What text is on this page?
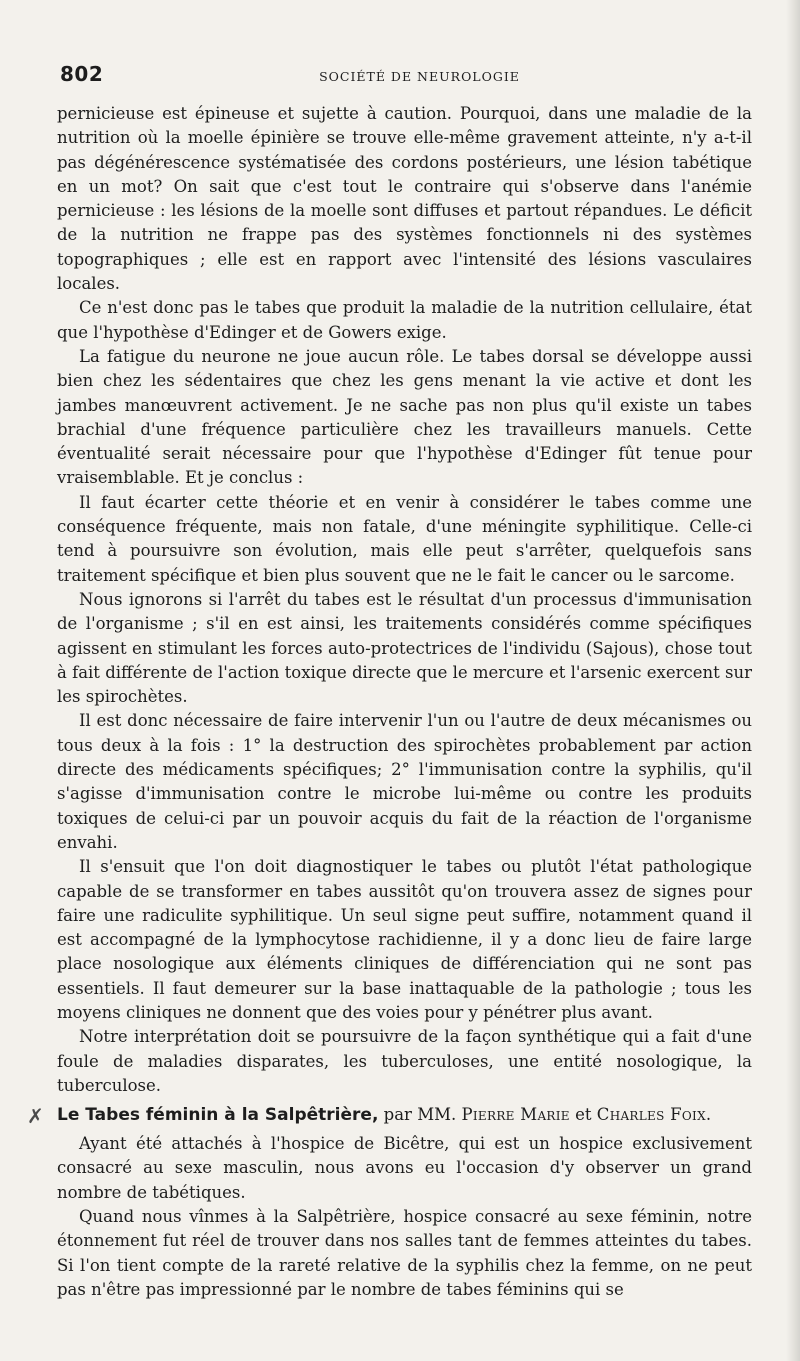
802	SOCIÉTÉ DE NEUROLOGIE

pernicieuse est épineuse et sujette à caution. Pourquoi, dans une maladie de la nutrition où la moelle épinière se trouve elle-même gravement atteinte, n'y a-t-il pas dégénérescence systématisée des cordons postérieurs, une lésion tabétique en un mot? On sait que c'est tout le contraire qui s'observe dans l'anémie pernicieuse : les lésions de la moelle sont diffuses et partout répandues. Le déficit de la nutrition ne frappe pas des systèmes fonctionnels ni des systèmes topographiques ; elle est en rapport avec l'intensité des lésions vasculaires locales.

Ce n'est donc pas le tabes que produit la maladie de la nutrition cellulaire, état que l'hypothèse d'Edinger et de Gowers exige.

La fatigue du neurone ne joue aucun rôle. Le tabes dorsal se développe aussi bien chez les sédentaires que chez les gens menant la vie active et dont les jambes manœuvrent activement. Je ne sache pas non plus qu'il existe un tabes brachial d'une fréquence particulière chez les travailleurs manuels. Cette éventualité serait nécessaire pour que l'hypothèse d'Edinger fût tenue pour vraisemblable. Et je conclus :

Il faut écarter cette théorie et en venir à considérer le tabes comme une conséquence fréquente, mais non fatale, d'une méningite syphilitique. Celle-ci tend à poursuivre son évolution, mais elle peut s'arrêter, quelquefois sans traitement spécifique et bien plus souvent que ne le fait le cancer ou le sarcome.

Nous ignorons si l'arrêt du tabes est le résultat d'un processus d'immunisation de l'organisme ; s'il en est ainsi, les traitements considérés comme spécifiques agissent en stimulant les forces auto-protectrices de l'individu (Sajous), chose tout à fait différente de l'action toxique directe que le mercure et l'arsenic exercent sur les spirochètes.

Il est donc nécessaire de faire intervenir l'un ou l'autre de deux mécanismes ou tous deux à la fois : 1° la destruction des spirochètes probablement par action directe des médicaments spécifiques; 2° l'immunisation contre la syphilis, qu'il s'agisse d'immunisation contre le microbe lui-même ou contre les produits toxiques de celui-ci par un pouvoir acquis du fait de la réaction de l'organisme envahi.

Il s'ensuit que l'on doit diagnostiquer le tabes ou plutôt l'état pathologique capable de se transformer en tabes aussitôt qu'on trouvera assez de signes pour faire une radiculite syphilitique. Un seul signe peut suffire, notamment quand il est accompagné de la lymphocytose rachidienne, il y a donc lieu de faire large place nosologique aux éléments cliniques de différenciation qui ne sont pas essentiels. Il faut demeurer sur la base inattaquable de la pathologie ; tous les moyens cliniques ne donnent que des voies pour y pénétrer plus avant.

Notre interprétation doit se poursuivre de la façon synthétique qui a fait d'une foule de maladies disparates, les tuberculoses, une entité nosologique, la tuberculose.

✗ Le Tabes féminin à la Salpêtrière, par MM. Pierre Marie et Charles Foix.

Ayant été attachés à l'hospice de Bicêtre, qui est un hospice exclusivement consacré au sexe masculin, nous avons eu l'occasion d'y observer un grand nombre de tabétiques.

Quand nous vînmes à la Salpêtrière, hospice consacré au sexe féminin, notre étonnement fut réel de trouver dans nos salles tant de femmes atteintes du tabes. Si l'on tient compte de la rareté relative de la syphilis chez la femme, on ne peut pas n'être pas impressionné par le nombre de tabes féminins qui se
